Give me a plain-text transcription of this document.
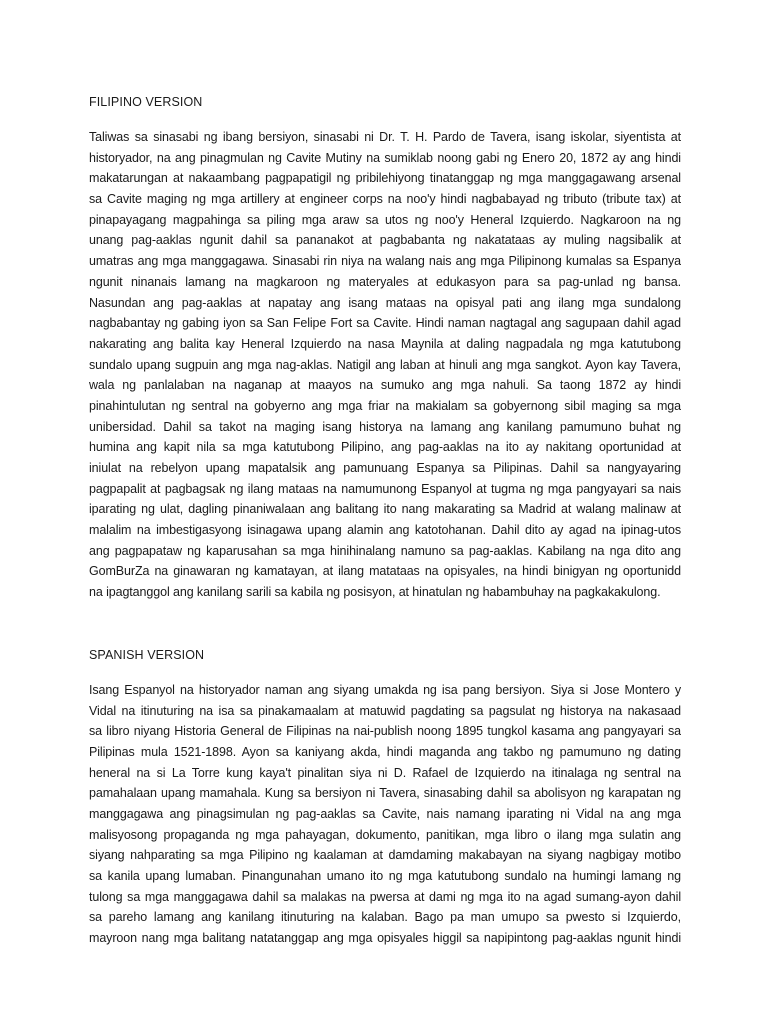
FILIPINO VERSION
Taliwas sa sinasabi ng ibang bersiyon, sinasabi ni Dr. T. H. Pardo de Tavera, isang iskolar, siyentista at
historyador, na ang pinagmulan ng Cavite Mutiny na sumiklab noong gabi ng Enero 20, 1872 ay ang hindi
makatarungan at nakaambang pagpapatigil ng pribilehiyong tinatanggap ng mga manggagawang arsenal
sa Cavite maging ng mga artillery at engineer corps na noo'y hindi nagbabayad ng tributo (tribute tax) at
pinapayagang magpahinga sa piling mga araw sa utos ng noo'y Heneral Izquierdo. Nagkaroon na ng
unang pag-aaklas ngunit dahil sa pananakot at pagbabanta ng nakatataas ay muling nagsibalik at
umatras ang mga manggagawa. Sinasabi rin niya na walang nais ang mga Pilipinong kumalas sa Espanya
ngunit ninanais lamang na magkaroon ng materyales at edukasyon para sa pag-unlad ng bansa.
Nasundan ang pag-aaklas at napatay ang isang mataas na opisyal pati ang ilang mga sundalong
nagbabantay ng gabing iyon sa San Felipe Fort sa Cavite. Hindi naman nagtagal ang sagupaan dahil agad
nakarating ang balita kay Heneral Izquierdo na nasa Maynila at daling nagpadala ng mga katutubong
sundalo upang sugpuin ang mga nag-aklas. Natigil ang laban at hinuli ang mga sangkot. Ayon kay Tavera,
wala ng panlalaban na naganap at maayos na sumuko ang mga nahuli. Sa taong 1872 ay hindi
pinahintulutan ng sentral na gobyerno ang mga friar na makialam sa gobyernong sibil maging sa mga
unibersidad. Dahil sa takot na maging isang historya na lamang ang kanilang pamumuno buhat ng
humina ang kapit nila sa mga katutubong Pilipino, ang pag-aaklas na ito ay nakitang oportunidad at
iniulat na rebelyon upang mapatalsik ang pamunuang Espanya sa Pilipinas. Dahil sa nangyayaring
pagpapalit at pagbagsak ng ilang mataas na namumunong Espanyol at tugma ng mga pangyayari sa nais
iparating ng ulat, dagling pinaniwalaan ang balitang ito nang makarating sa Madrid at walang malinaw at
malalim na imbestigasyong isinagawa upang alamin ang katotohanan. Dahil dito ay agad na ipinag-utos
ang pagpapataw ng kaparusahan sa mga hinihinalang namuno sa pag-aaklas. Kabilang na nga dito ang
GomBurZa na ginawaran ng kamatayan, at ilang matataas na opisyales, na hindi binigyan ng oportunidd
na ipagtanggol ang kanilang sarili sa kabila ng posisyon, at hinatulan ng habambuhay na pagkakakulong.
SPANISH VERSION
Isang Espanyol na historyador naman ang siyang umakda ng isa pang bersiyon. Siya si Jose Montero y
Vidal na itinuturing na isa sa pinakamaalam at matuwid pagdating sa pagsulat ng historya na nakasaad
sa libro niyang Historia General de Filipinas na nai-publish noong 1895 tungkol kasama ang pangyayari sa
Pilipinas mula 1521-1898. Ayon sa kaniyang akda, hindi maganda ang takbo ng pamumuno ng dating
heneral na si La Torre kung kaya't pinalitan siya ni D. Rafael de Izquierdo na itinalaga ng sentral na
pamahalaan upang mamahala. Kung sa bersiyon ni Tavera, sinasabing dahil sa abolisyon ng karapatan ng
manggagawa ang pinagsimulan ng pag-aaklas sa Cavite, nais namang iparating ni Vidal na ang mga
malisyosong propaganda ng mga pahayagan, dokumento, panitikan, mga libro o ilang mga sulatin ang
siyang nahparating sa mga Pilipino ng kaalaman at damdaming makabayan na siyang nagbigay motibo
sa kanila upang lumaban. Pinangunahan umano ito ng mga katutubong sundalo na humingi lamang ng
tulong sa mga manggagawa dahil sa malakas na pwersa at dami ng mga ito na agad sumang-ayon dahil
sa pareho lamang ang kanilang itinuturing na kalaban. Bago pa man umupo sa pwesto si Izquierdo,
mayroon nang mga balitang natatanggap ang mga opisyales higgil sa napipintong pag-aaklas ngunit hindi
